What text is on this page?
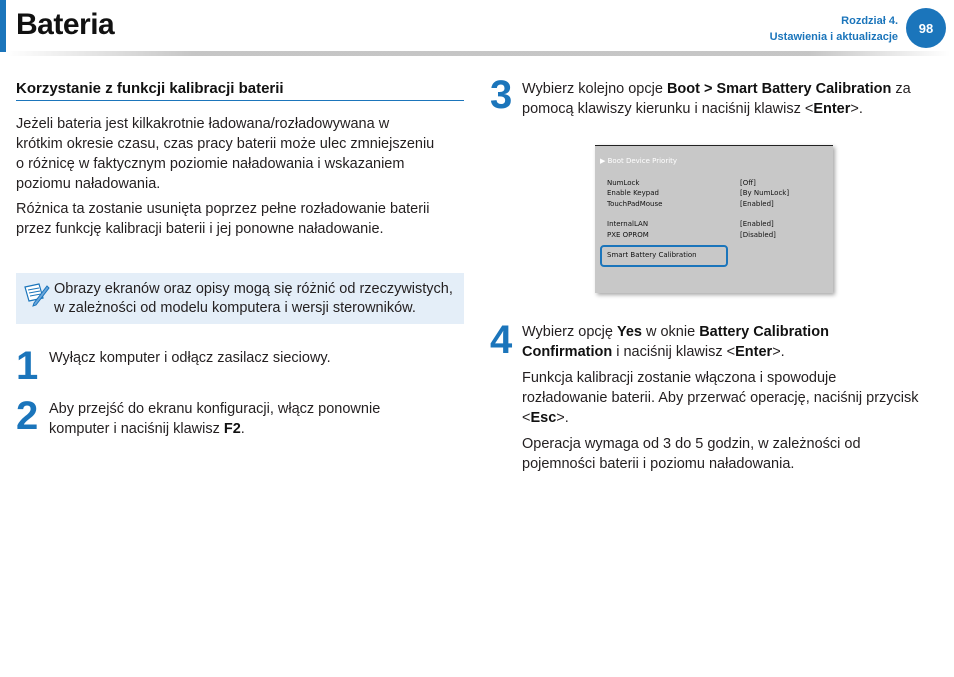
Bateria	Rozdział 4.
Ustawienia i aktualizacje
98
Korzystanie z funkcji kalibracji baterii
Jeżeli bateria jest kilkakrotnie ładowana/rozładowywana w
krótkim okresie czasu, czas pracy baterii może ulec zmniejszeniu
o różnicę w faktycznym poziomie naładowania i wskazaniem
poziomu naładowania.
Różnica ta zostanie usunięta poprzez pełne rozładowanie baterii
przez funkcję kalibracji baterii i jej ponowne naładowanie.
Obrazy ekranów oraz opisy mogą się różnić od rzeczywistych,
w zależności od modelu komputera i wersji sterowników.
1 Wyłącz komputer i odłącz zasilacz sieciowy.
2 Aby przejść do ekranu konfiguracji, włącz ponownie
komputer i naciśnij klawisz F2.
3 Wybierz kolejno opcje Boot > Smart Battery Calibration za
pomocą klawiszy kierunku i naciśnij klawisz <Enter>.
▶ Boot Device Priority
NumLock	[Off]
Enable Keypad	[By NumLock]
TouchPadMouse	[Enabled]
InternalLAN	[Enabled]
PXE OPROM	[Disabled]
Smart Battery Calibration
4 Wybierz opcję Yes w oknie Battery Calibration
Confirmation i naciśnij klawisz <Enter>.
Funkcja kalibracji zostanie włączona i spowoduje
rozładowanie baterii. Aby przerwać operację, naciśnij przycisk
<Esc>.
Operacja wymaga od 3 do 5 godzin, w zależności od
pojemności baterii i poziomu naładowania.
